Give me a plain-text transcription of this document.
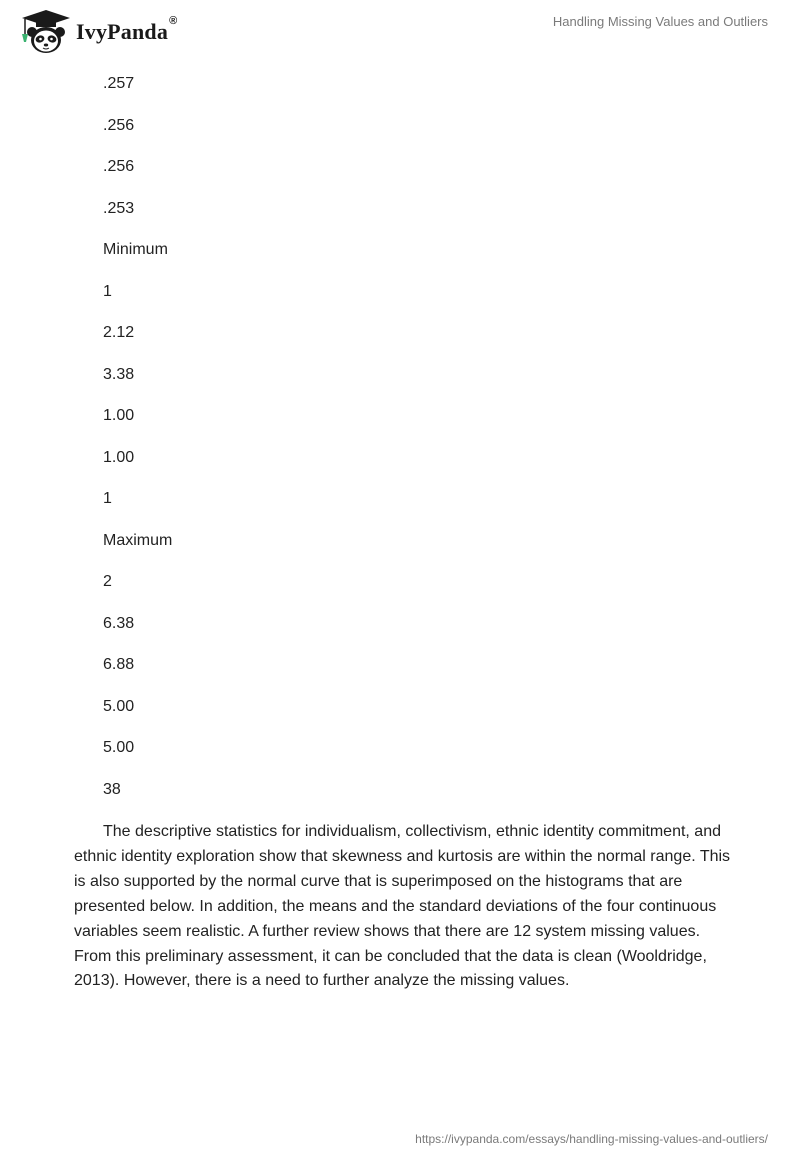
IvyPanda®	Handling Missing Values and Outliers
.257
.256
.256
.253
Minimum
1
2.12
3.38
1.00
1.00
1
Maximum
2
6.38
6.88
5.00
5.00
38

The descriptive statistics for individualism, collectivism, ethnic identity commitment, and ethnic identity exploration show that skewness and kurtosis are within the normal range. This is also supported by the normal curve that is superimposed on the histograms that are presented below. In addition, the means and the standard deviations of the four continuous variables seem realistic. A further review shows that there are 12 system missing values. From this preliminary assessment, it can be concluded that the data is clean (Wooldridge, 2013). However, there is a need to further analyze the missing values.

https://ivypanda.com/essays/handling-missing-values-and-outliers/
